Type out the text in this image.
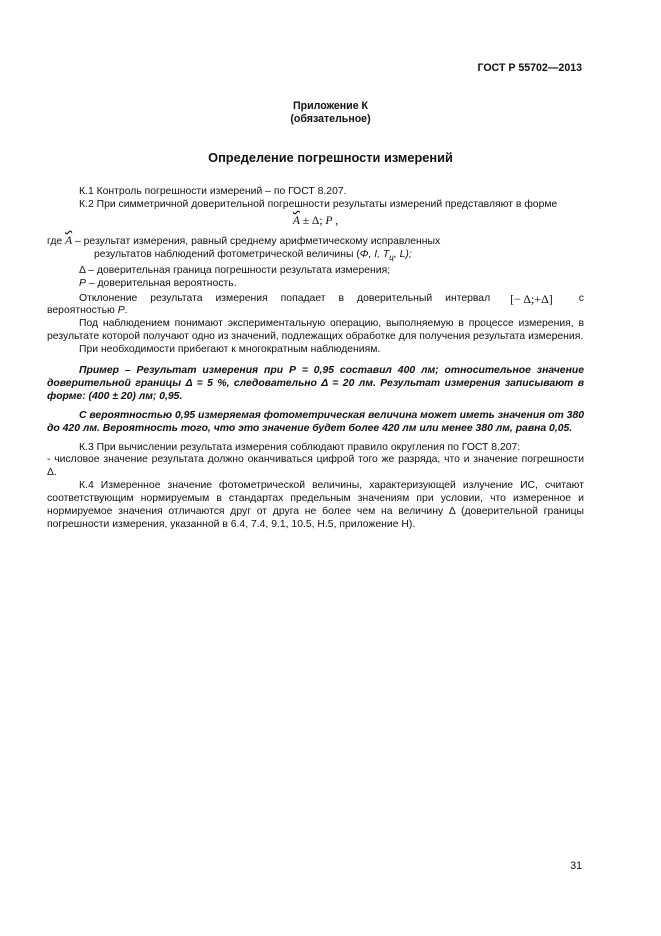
ГОСТ Р 55702—2013
Приложение К
(обязательное)
Определение погрешности измерений

К.1 Контроль погрешности измерений – по ГОСТ 8.207.

К.2 При симметричной доверительной погрешности результаты измерений представляют в форме

A ± Δ; P ,

где A – результат измерения, равный среднему арифметическому исправленных

результатов наблюдений фотометрической величины (Φ, I, $T_ц$, L);

Δ – доверительная граница погрешности результата измерения;

Р – доверительная вероятность.

Отклонение результата измерения попадает в доверительный интервал	[− Δ;+Δ]	с

вероятностью Р.

Под наблюдением понимают экспериментальную операцию, выполняемую в процессе измерения, в результате которой получают одно из значений, подлежащих обработке для получения результата измерения.

При необходимости прибегают к многократным наблюдениям.

Пример – Результат измерения при Р = 0,95 составил 400 лм; относительное значение доверительной границы Δ = 5 %, следовательно Δ = 20 лм. Результат измерения записывают в форме: (400 ± 20) лм; 0,95.

С вероятностью 0,95 измеряемая фотометрическая величина может иметь значения от 380 до 420 лм. Вероятность того, что это значение будет более 420 лм или менее 380 лм, равна 0,05.

К.3 При вычислении результата измерения соблюдают правило округления по ГОСТ 8.207:

- числовое значение результата должно оканчиваться цифрой того же разряда, что и значение погрешности Δ.

К.4 Измеренное значение фотометрической величины, характеризующей излучение ИС, считают соответствующим нормируемым в стандартах предельным значениям при условии, что измеренное и нормируемое значения отличаются друг от друга не более чем на величину Δ (доверительной границы погрешности измерения, указанной в 6.4, 7.4, 9.1, 10.5, Н.5, приложение Н).

31
